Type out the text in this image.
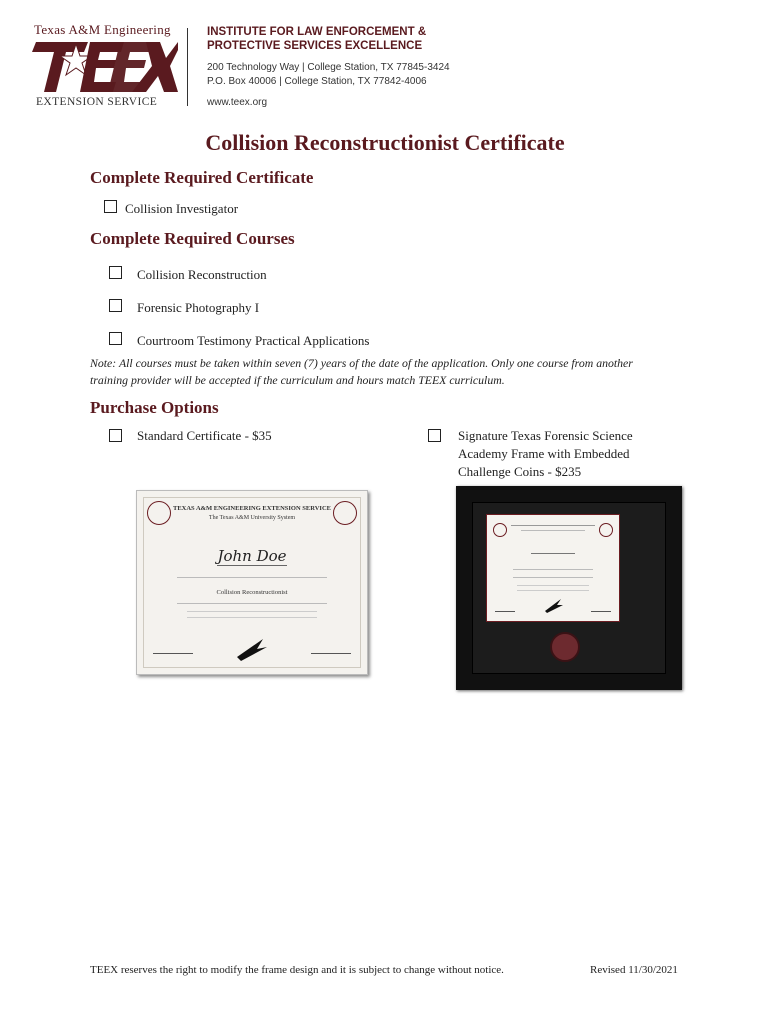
Texas A&M Engineering
EXTENSION SERVICE
INSTITUTE FOR LAW ENFORCEMENT &
PROTECTIVE SERVICES EXCELLENCE
200 Technology Way | College Station, TX 77845-3424
P.O. Box 40006 | College Station, TX 77842-4006
www.teex.org
Collision Reconstructionist Certificate
Complete Required Certificate
Collision Investigator
Complete Required Courses
Collision Reconstruction
Forensic Photography I
Courtroom Testimony Practical Applications
Note: All courses must be taken within seven (7) years of the date of the application. Only one course from another
training provider will be accepted if the curriculum and hours match TEEX curriculum.
Purchase Options
Standard Certificate - $35	Signature Texas Forensic Science
Academy Frame with Embedded
Challenge Coins - $235
TEXAS A&M ENGINEERING EXTENSION SERVICE
The Texas A&M University System
John Doe
Collision Reconstructionist
TEEX reserves the right to modify the frame design and it is subject to change without notice.	Revised 11/30/2021
